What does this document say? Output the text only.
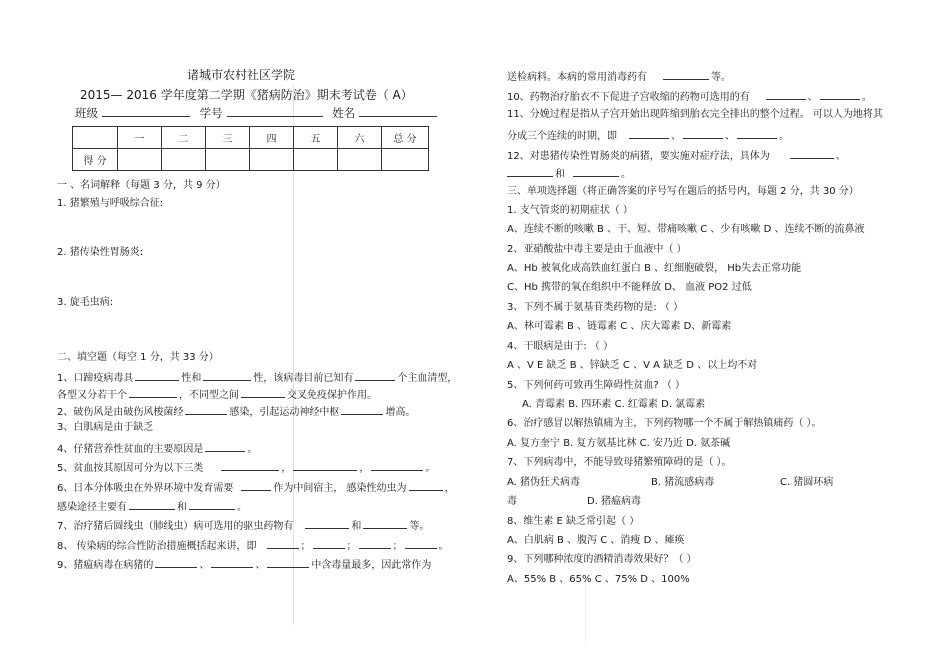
诸城市农村社区学院
2015— 2016 学年度第二学期《猪病防治》期末考试卷（ A）
班级	学号	姓名
	一	二	三	四	五	六	总 分
得 分							
一 、名词解释（每题 3 分，共 9 分）
1. 猪繁殖与呼吸综合征:
2. 猪传染性胃肠炎:
3. 旋毛虫病:
二、填空题（每空 1 分，共 33 分）
1、口蹄疫病毒具	性和	性，该病毒目前已知有	个主血清型，
各型又分若干个	，不同型之间	交叉免疫保护作用。
2、破伤风是由破伤风梭菌经	感染，引起运动神经中枢	增高。
3、白肌病是由于缺乏
4、仔猪营养性贫血的主要原因是	。
5、贫血按其原因可分为以下三类	，	，	。
6、日本分体吸虫在外界环境中发育需要	作为中间宿主， 感染性幼虫为	，
感染途径主要有	和	。
7、治疗猪后圆线虫（肺线虫）病可选用的驱虫药物有	和	等。
8、 传染病的综合性防治措施概括起来讲，即	；	；	；	。
9、猪瘟病毒在病猪的	、	、	中含毒量最多，因此常作为
送检病料。本病的常用消毒药有	等。
10、药物治疗胎衣不下促进子宫收缩的药物可选用的有	、	。
11、分娩过程是指从子宫开始出现阵缩到胎衣完全排出的整个过程。 可以人为地将其
分成三个连续的时期，即	、	、	。
12、对患猪传染性胃肠炎的病猪，要实施对症疗法，具体为	、
和	。
三、单项选择题（将正确答案的序号写在题后的括号内，每题 2 分，共 30 分）
1. 支气管炎的初期症状（ ）
A、连续不断的咳嗽 B 、干、短、带痛咳嗽 C 、少有咳嗽 D 、连续不断的流鼻液
2、亚硝酸盐中毒主要是由于血液中（ ）
A、Hb 被氧化成高铁血红蛋白 B 、红细胞破裂， Hb失去正常功能
C、Hb 携带的氧在组织中不能释放 D、 血液 PO2 过低
3、下列不属于氨基苷类药物的是: （ ）
A、林可霉素 B 、链霉素 C 、庆大霉素 D、新霉素
4、干眼病是由于: （ ）
A 、V E 缺乏 B 、锌缺乏 C 、V A 缺乏 D 、以上均不对
5、下列何药可致再生障碍性贫血? （ ）
A. 青霉素 B. 四环素 C. 红霉素 D. 氯霉素
6、治疗感冒以解热镇痛为主，下列药物哪一个不属于解热镇痛药（ ）。
A. 复方奎宁 B. 复方氨基比林 C. 安乃近 D. 氨茶碱
7、下列病毒中，不能导致母猪繁殖障碍的是（ ）。
A. 猪伪狂犬病毒	B. 猪流感病毒	C. 猪圆环病
毒	D. 猪瘟病毒
8、维生素 E 缺乏常引起（ ）
A、白肌病 B 、腹泻 C 、消瘦 D 、瘫痪
9、下列哪种浓度的酒精消毒效果好？（ ）
A、55% B 、65% C 、75% D 、100%
